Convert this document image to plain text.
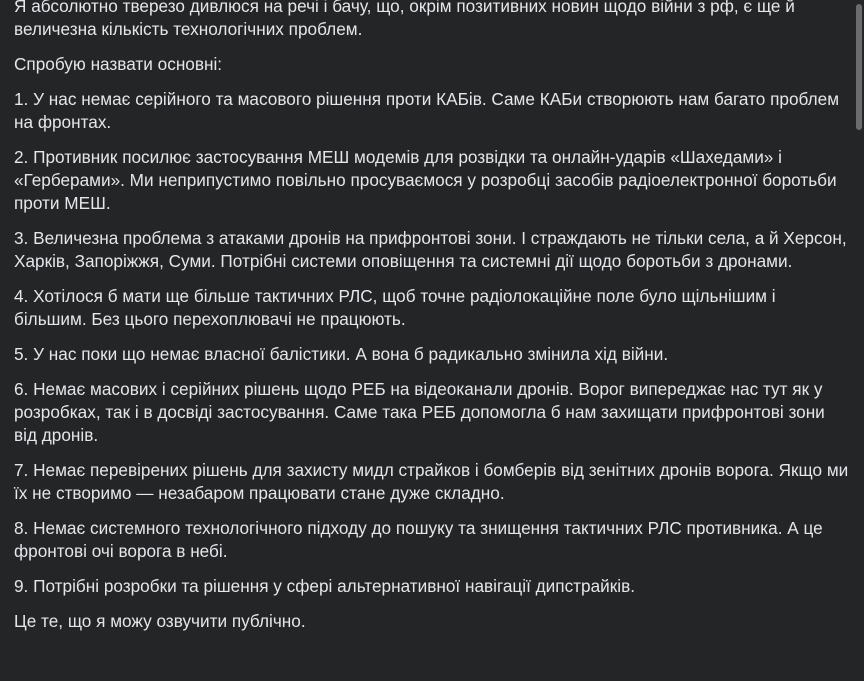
Я абсолютно тверезо дивлюся на речі і бачу, що, окрім позитивних новин щодо війни з рф, є ще й величезна кількість технологічних проблем.

Спробую назвати основні:

1. У нас немає серійного та масового рішення проти КАБів. Саме КАБи створюють нам багато проблем на фронтах.

2. Противник посилює застосування МЕШ модемів для розвідки та онлайн-ударів «Шахедами» і «Герберами». Ми неприпустимо повільно просуваємося у розробці засобів радіоелектронної боротьби проти МЕШ.

3. Величезна проблема з атаками дронів на прифронтові зони. І страждають не тільки села, а й Херсон, Харків, Запоріжжя, Суми. Потрібні системи оповіщення та системні дії щодо боротьби з дронами.

4. Хотілося б мати ще більше тактичних РЛС, щоб точне радіолокаційне поле було щільнішим і більшим. Без цього перехоплювачі не працюють.

5. У нас поки що немає власної балістики. А вона б радикально змінила хід війни.

6. Немає масових і серійних рішень щодо РЕБ на відеоканали дронів. Ворог випереджає нас тут як у розробках, так і в досвіді застосування. Саме така РЕБ допомогла б нам захищати прифронтові зони від дронів.

7. Немає перевірених рішень для захисту мидл страйков і бомберів від зенітних дронів ворога. Якщо ми їх не створимо — незабаром працювати стане дуже складно.

8. Немає системного технологічного підходу до пошуку та знищення тактичних РЛС противника. А це фронтові очі ворога в небі.

9. Потрібні розробки та рішення у сфері альтернативної навігації дипстрайків.

Це те, що я можу озвучити публічно.
